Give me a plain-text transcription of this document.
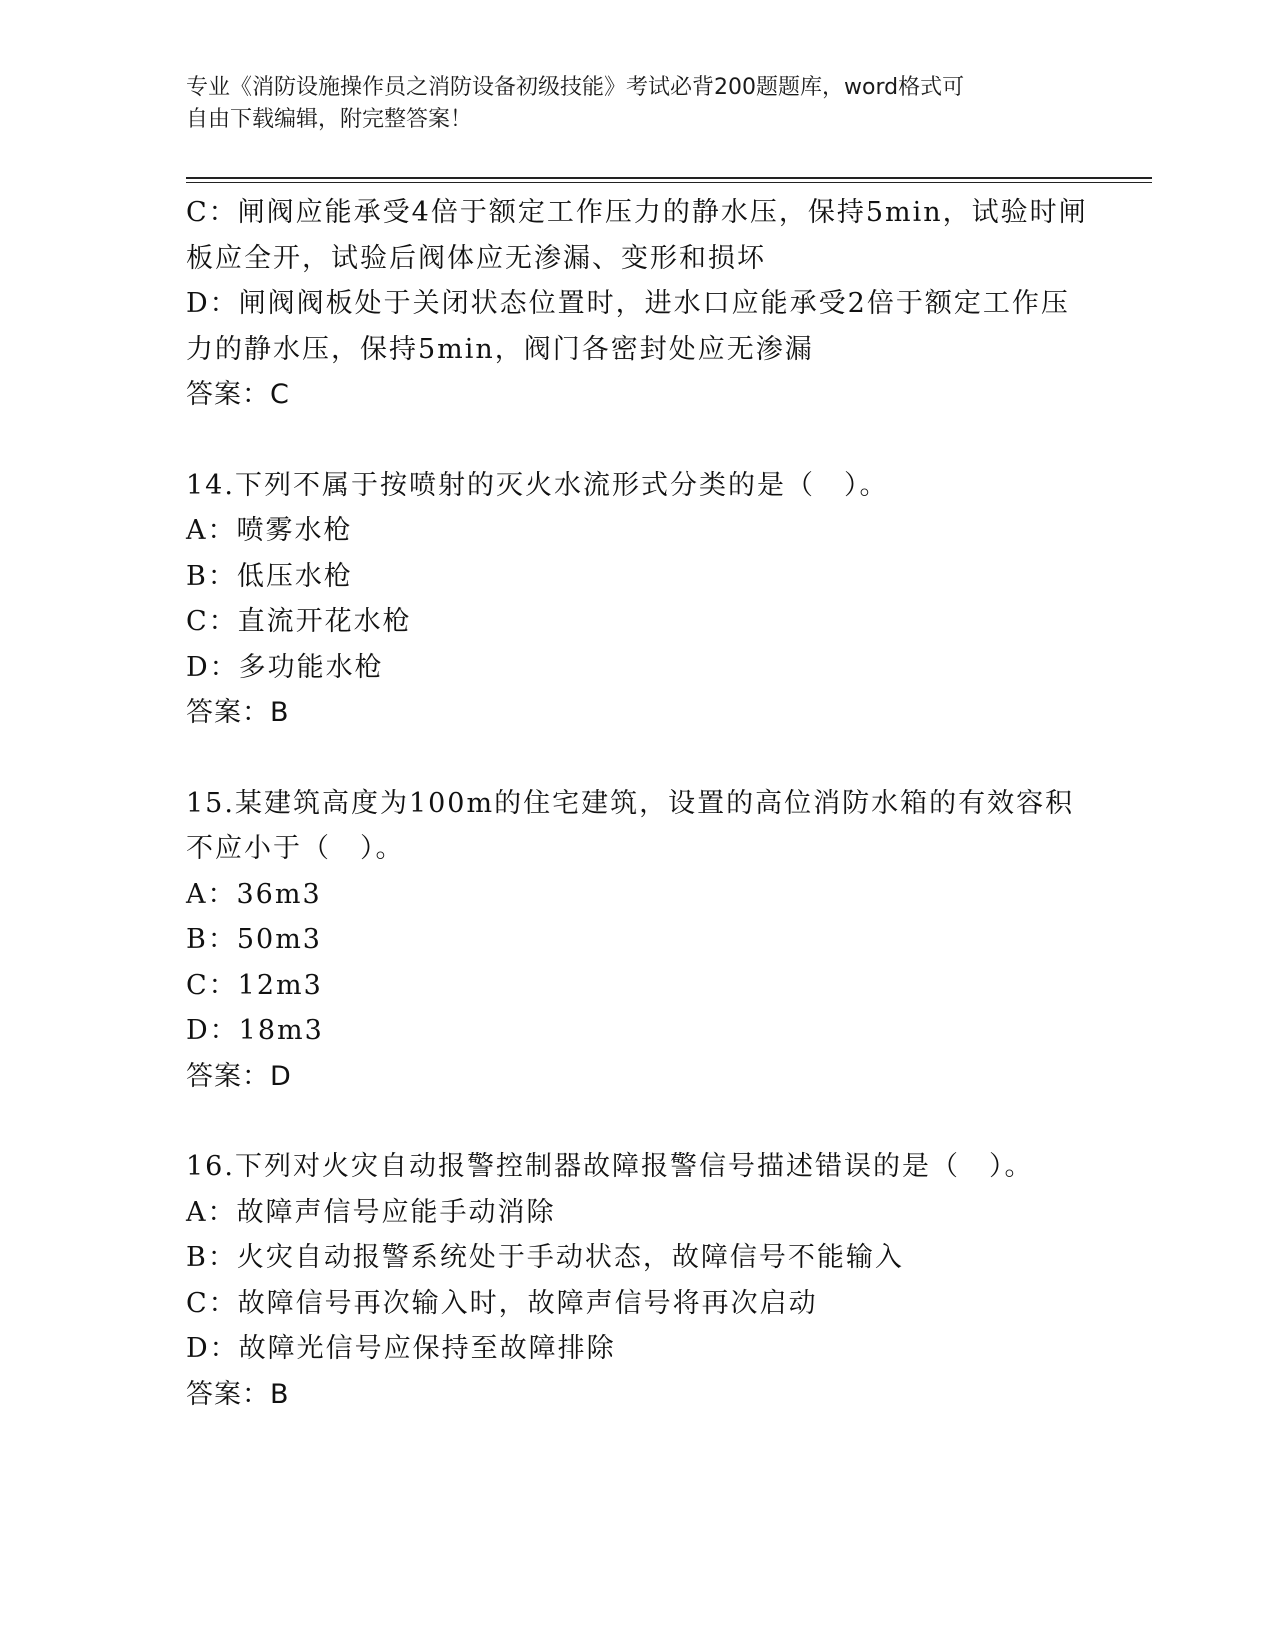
专业《消防设施操作员之消防设备初级技能》考试必背200题题库，word格式可
自由下载编辑，附完整答案！
C：闸阀应能承受4倍于额定工作压力的静水压，保持5min，试验时闸
板应全开，试验后阀体应无渗漏、变形和损坏
D：闸阀阀板处于关闭状态位置时，进水口应能承受2倍于额定工作压
力的静水压，保持5min，阀门各密封处应无渗漏
答案：C
14.下列不属于按喷射的灭火水流形式分类的是（　）。
A：喷雾水枪
B：低压水枪
C：直流开花水枪
D：多功能水枪
答案：B
15.某建筑高度为100m的住宅建筑，设置的高位消防水箱的有效容积
不应小于（　）。
A：36m3
B：50m3
C：12m3
D：18m3
答案：D
16.下列对火灾自动报警控制器故障报警信号描述错误的是（　）。
A：故障声信号应能手动消除
B：火灾自动报警系统处于手动状态，故障信号不能输入
C：故障信号再次输入时，故障声信号将再次启动
D：故障光信号应保持至故障排除
答案：B
